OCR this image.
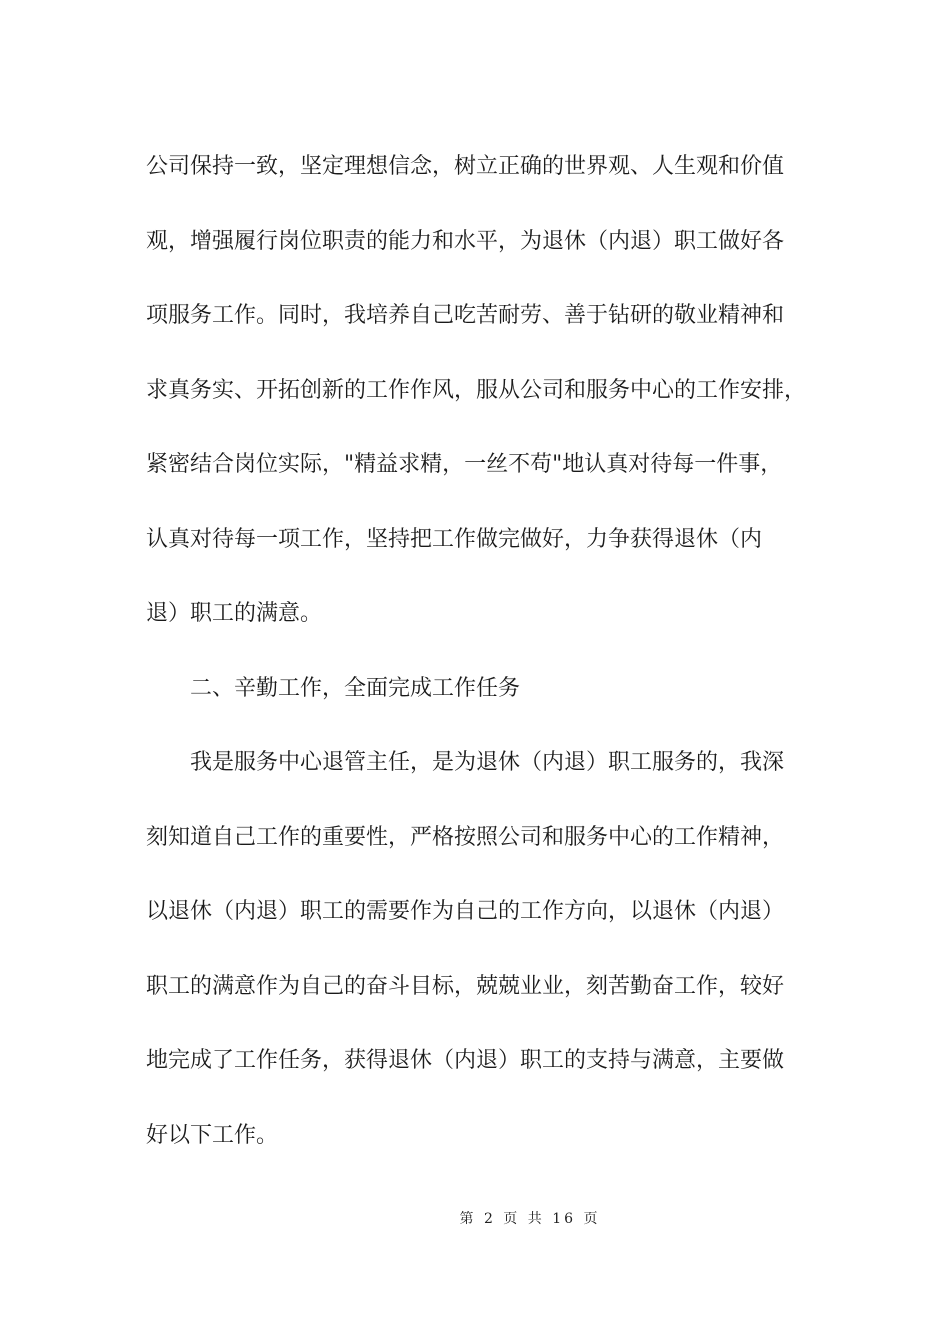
公司保持一致，坚定理想信念，树立正确的世界观、人生观和价值
观，增强履行岗位职责的能力和水平，为退休（内退）职工做好各
项服务工作。同时，我培养自己吃苦耐劳、善于钻研的敬业精神和
求真务实、开拓创新的工作作风，服从公司和服务中心的工作安排，
紧密结合岗位实际，"精益求精，一丝不苟"地认真对待每一件事，
认真对待每一项工作，坚持把工作做完做好，力争获得退休（内
退）职工的满意。
二、辛勤工作，全面完成工作任务
我是服务中心退管主任，是为退休（内退）职工服务的，我深
刻知道自己工作的重要性，严格按照公司和服务中心的工作精神，
以退休（内退）职工的需要作为自己的工作方向，以退休（内退）
职工的满意作为自己的奋斗目标，兢兢业业，刻苦勤奋工作，较好
地完成了工作任务，获得退休（内退）职工的支持与满意，主要做
好以下工作。
第 2 页 共 16 页
